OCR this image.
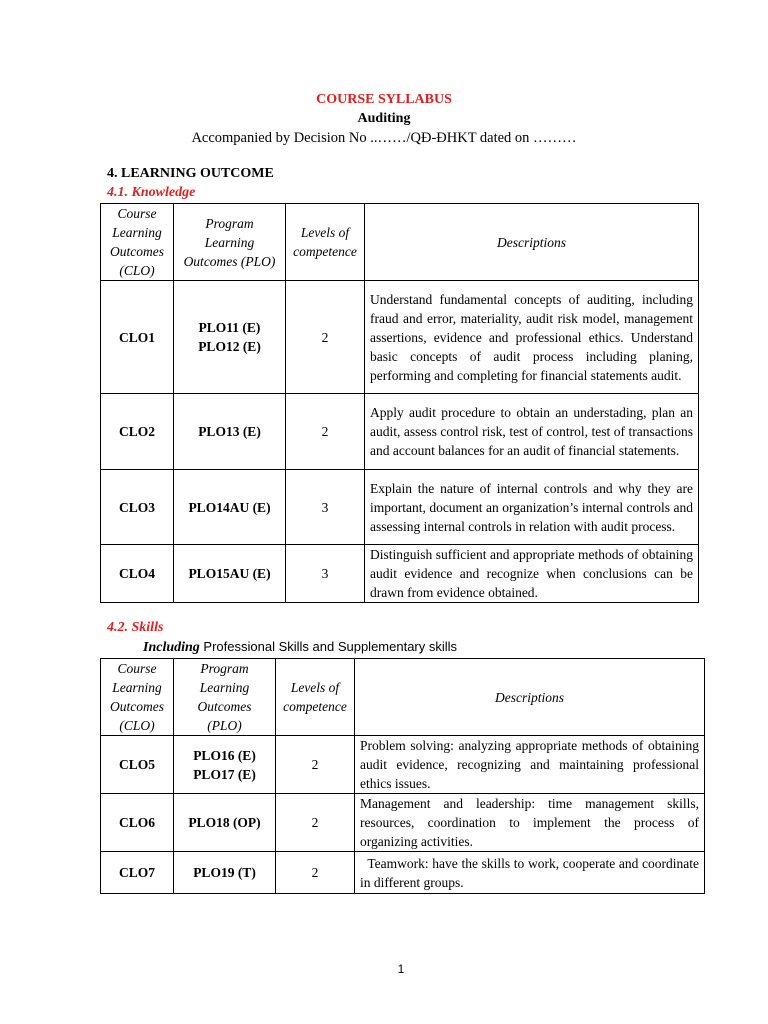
COURSE SYLLABUS
Auditing
Accompanied by Decision No ..……/QĐ-ĐHKT dated on ………
4. LEARNING OUTCOME
4.1. Knowledge
Course Learning Outcomes (CLO)	Program Learning Outcomes (PLO)	Levels of competence	Descriptions
CLO1	PLO11 (E) PLO12 (E)	2	Understand fundamental concepts of auditing, including fraud and error, materiality, audit risk model, management assertions, evidence and professional ethics. Understand basic concepts of audit process including planing, performing and completing for financial statements audit.
CLO2	PLO13 (E)	2	Apply audit procedure to obtain an understading, plan an audit, assess control risk, test of control, test of transactions and account balances for an audit of financial statements.
CLO3	PLO14AU (E)	3	Explain the nature of internal controls and why they are important, document an organization’s internal controls and assessing internal controls in relation with audit process.
CLO4	PLO15AU (E)	3	Distinguish sufficient and appropriate methods of obtaining audit evidence and recognize when conclusions can be drawn from evidence obtained.
4.2. Skills
Including Professional Skills and Supplementary skills
Course Learning Outcomes (CLO)	Program Learning Outcomes (PLO)	Levels of competence	Descriptions
CLO5	PLO16 (E) PLO17 (E)	2	Problem solving: analyzing appropriate methods of obtaining audit evidence, recognizing and maintaining professional ethics issues.
CLO6	PLO18 (OP)	2	Management and leadership: time management skills, resources, coordination to implement the process of organizing activities.
CLO7	PLO19 (T)	2	Teamwork: have the skills to work, cooperate and coordinate in different groups.
1
